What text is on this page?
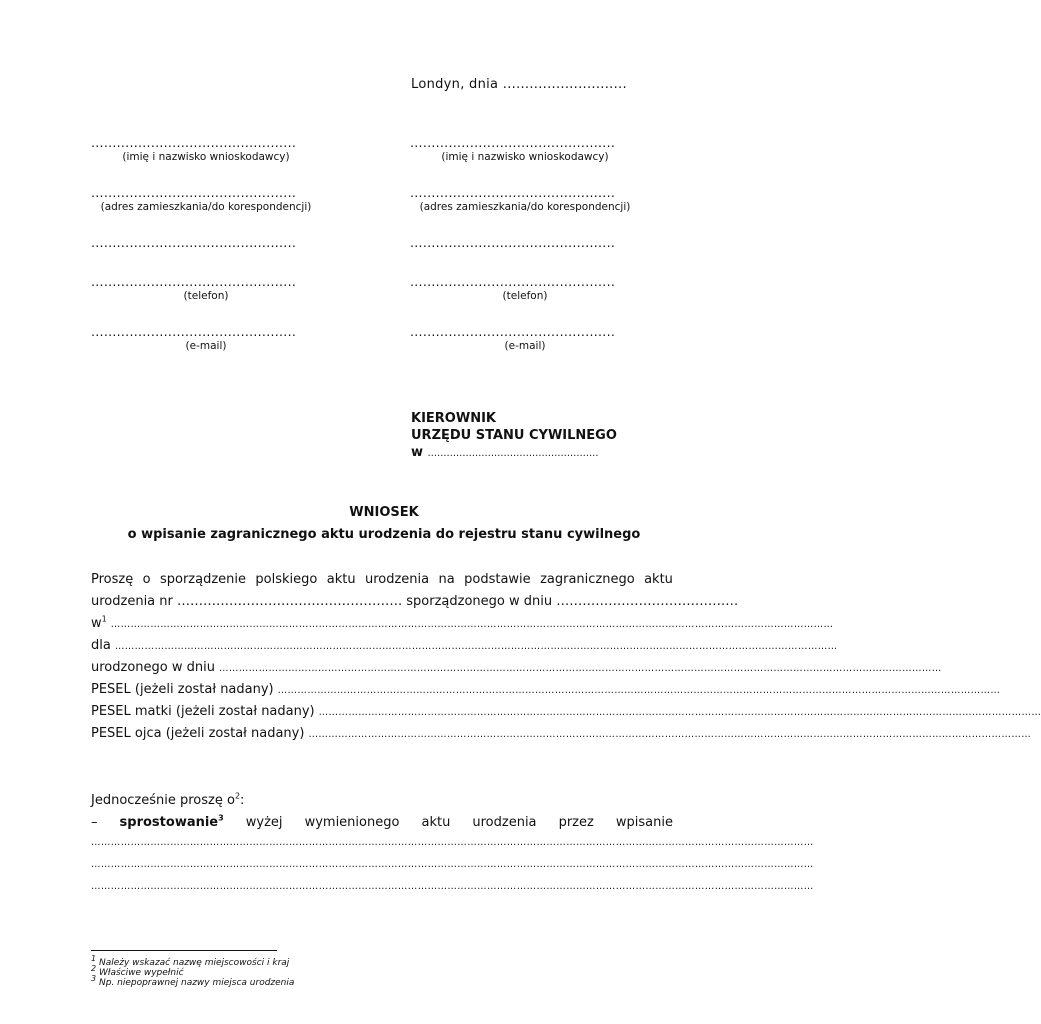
Londyn, dnia ............................
................................................
(imię i nazwisko wnioskodawcy)
................................................
(adres zamieszkania/do korespondencji)
................................................
................................................
(telefon)
................................................
(e-mail)
................................................
(imię i nazwisko wnioskodawcy)
................................................
(adres zamieszkania/do korespondencji)
................................................
................................................
(telefon)
................................................
(e-mail)
KIEROWNIK
URZĘDU STANU CYWILNEGO
w ………………………………………………
WNIOSEK
o wpisanie zagranicznego aktu urodzenia do rejestru stanu cywilnego
Proszę o sporządzenie polskiego aktu urodzenia na podstawie zagranicznego aktu
urodzenia nr ……………………………………………. sporządzonego w dniu ……………………………………
$w^1$ …………………………………………………………………………………………………………………………………………………………………………………………………
dla …………………………………………………………………………………………………………………………………………………………………………………………………
urodzonego w dniu …………………………………………………………………………………………………………………………………………………………………………………………………
PESEL (jeżeli został nadany) …………………………………………………………………………………………………………………………………………………………………………………………………
PESEL matki (jeżeli został nadany) …………………………………………………………………………………………………………………………………………………………………………………………………
PESEL ojca (jeżeli został nadany) …………………………………………………………………………………………………………………………………………………………………………………………………
Jednocześnie proszę $o^2$:
– sprostowanie$^3$ wyżej wymienionego aktu urodzenia przez wpisanie
…………………………………………………………………………………………………………………………………………………………………………………………………
…………………………………………………………………………………………………………………………………………………………………………………………………
…………………………………………………………………………………………………………………………………………………………………………………………………
$^1$ Należy wskazać nazwę miejscowości i kraj
$^2$ Właściwe wypełnić
$^3$ Np. niepoprawnej nazwy miejsca urodzenia
